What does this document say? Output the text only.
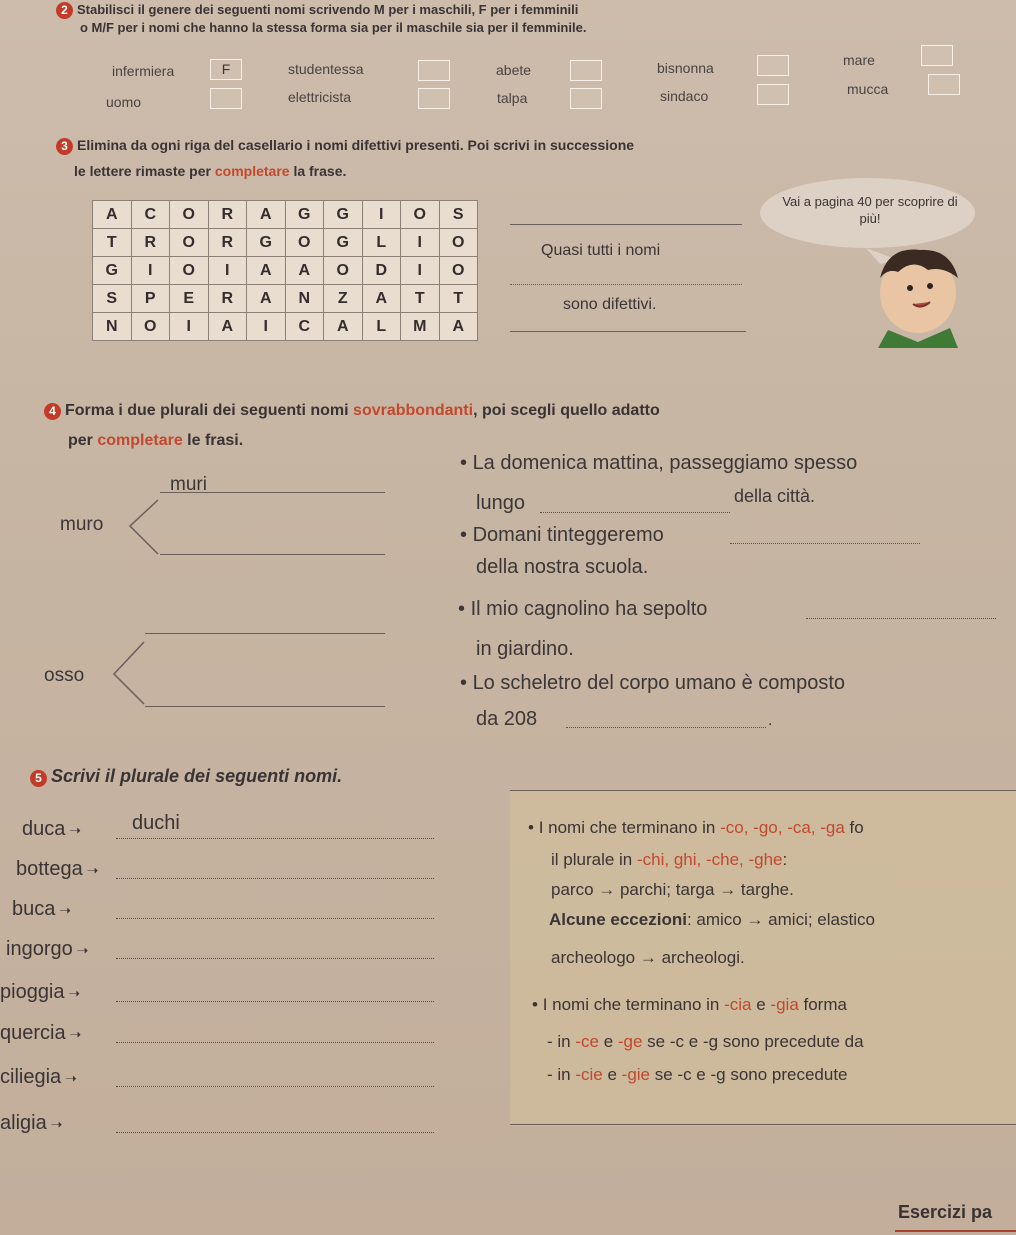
2 Stabilisci il genere dei seguenti nomi scrivendo M per i maschili, F per i femminili
o M/F per i nomi che hanno la stessa forma sia per il maschile sia per il femminile.
infermiera	F	studentessa	abete	bisnonna	mare
uomo	elettricista	talpa	sindaco	mucca
3 Elimina da ogni riga del casellario i nomi difettivi presenti. Poi scrivi in successione
le lettere rimaste per completare la frase.
A	C	O	R	A	G	G	I	O	S
T	R	O	R	G	O	G	L	I	O
G	I	O	I	A	A	O	D	I	O
S	P	E	R	A	N	Z	A	T	T
N	O	I	A	I	C	A	L	M	A
Quasi tutti i nomi
sono difettivi.
Vai a pagina 40 per scoprire di più!
4 Forma i due plurali dei seguenti nomi sovrabbondanti, poi scegli quello adatto
per completare le frasi.
muri
muro
• La domenica mattina, passeggiamo spesso
lungo	della città.
• Domani tinteggeremo
della nostra scuola.
osso
• Il mio cagnolino ha sepolto
in giardino.
• Lo scheletro del corpo umano è composto
da 208	.
5 Scrivi il plurale dei seguenti nomi.
duca ➝	duchi
bottega ➝
buca ➝
ingorgo ➝
pioggia ➝
quercia ➝
ciliegia ➝
aligia ➝
• I nomi che terminano in -co, -go, -ca, -ga fo
il plurale in -chi, ghi, -che, -ghe:
parco → parchi; targa → targhe.
Alcune eccezioni: amico → amici; elastico
archeologo → archeologi.
• I nomi che terminano in -cia e -gia forma
- in -ce e -ge se -c e -g sono precedute da
- in -cie e -gie se -c e -g sono precedute
Esercizi pa
